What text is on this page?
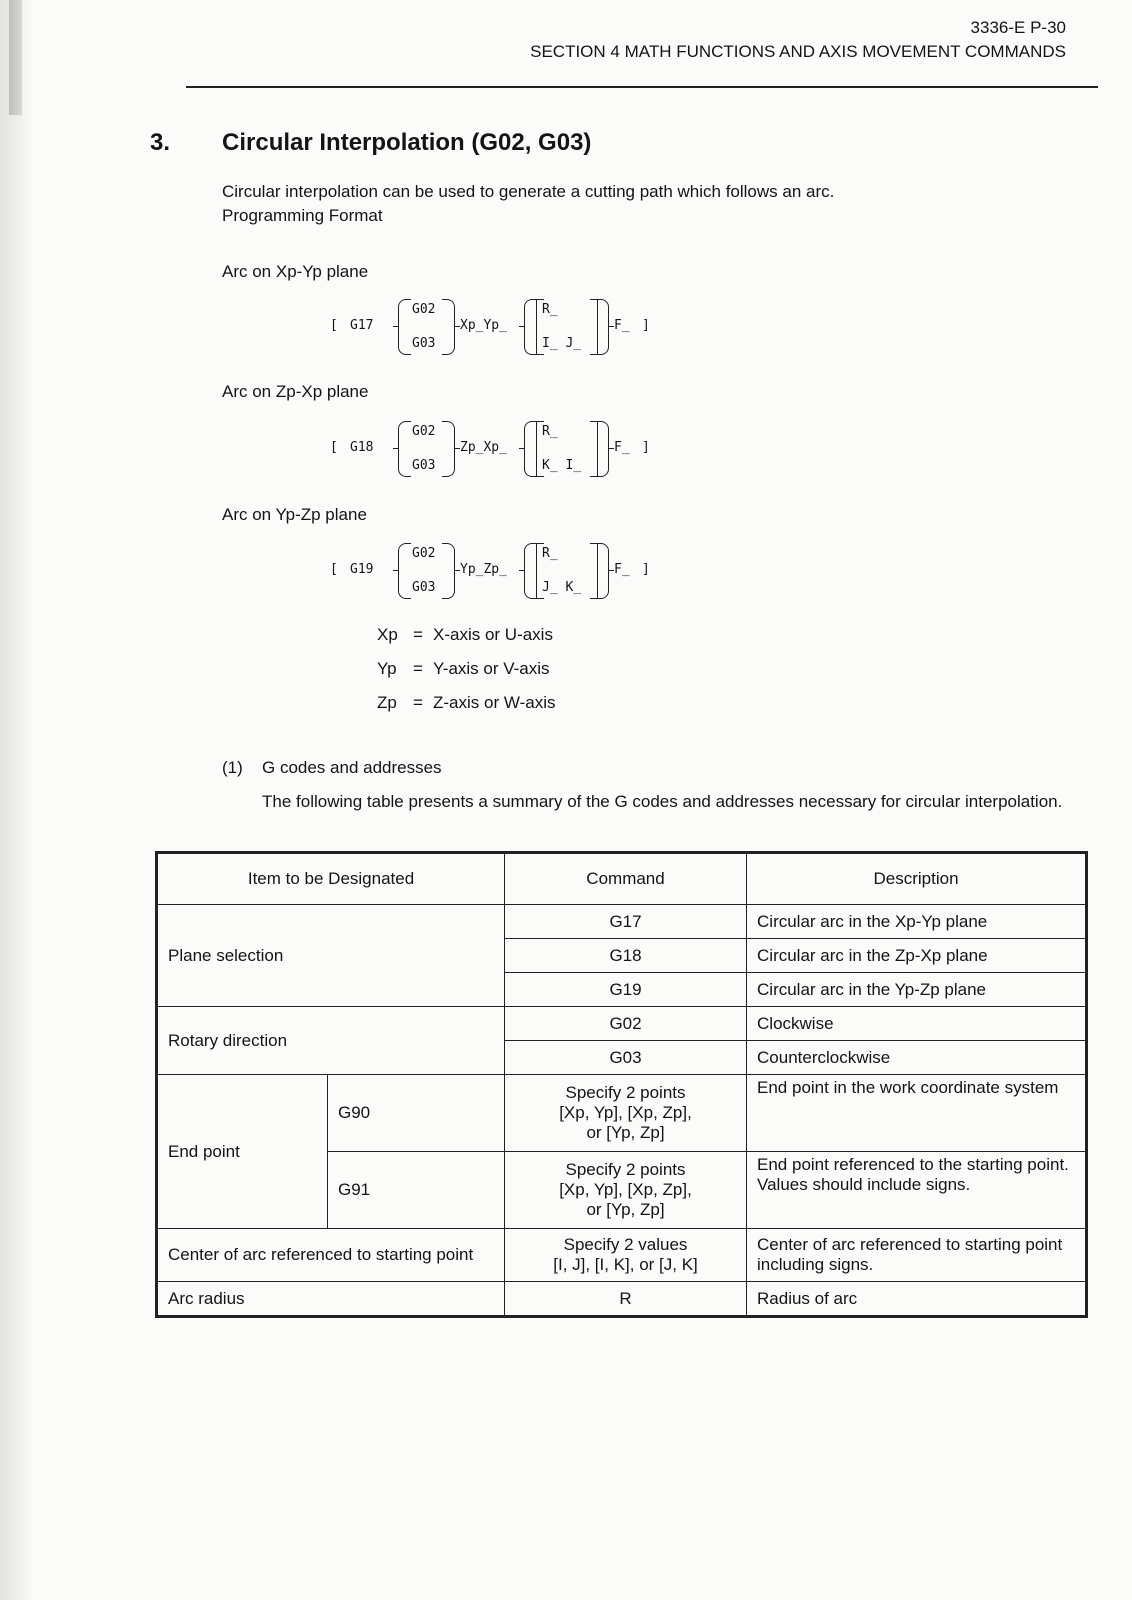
3336-E P-30
SECTION 4 MATH FUNCTIONS AND AXIS MOVEMENT COMMANDS
3. Circular Interpolation (G02, G03)
Circular interpolation can be used to generate a cutting path which follows an arc.
Programming Format
Arc on Xp-Yp plane
[ G17
G02
G03
Xp_Yp_
R_
I_ J_
F_ ]
Arc on Zp-Xp plane
[ G18
G02
G03
Zp_Xp_
R_
K_ I_
F_ ]
Arc on Yp-Zp plane
[ G19
G02
G03
Yp_Zp_
R_
J_ K_
F_ ]
Xp = X-axis or U-axis
Yp = Y-axis or V-axis
Zp = Z-axis or W-axis
(1) G codes and addresses
The following table presents a summary of the G codes and addresses necessary for circular interpolation.
Item to be Designated		Command	Description
Plane selection		G17	Circular arc in the Xp-Yp plane
		G18	Circular arc in the Zp-Xp plane
		G19	Circular arc in the Yp-Zp plane
Rotary direction		G02	Clockwise
		G03	Counterclockwise
End point	G90	Specify 2 points
[Xp, Yp], [Xp, Zp],
or [Yp, Zp]	End point in the work coordinate system
	G91	Specify 2 points
[Xp, Yp], [Xp, Zp],
or [Yp, Zp]	End point referenced to the starting point. Values should include signs.
Center of arc referenced to starting point		Specify 2 values
[I, J], [I, K], or [J, K]	Center of arc referenced to starting point including signs.
Arc radius		R	Radius of arc
